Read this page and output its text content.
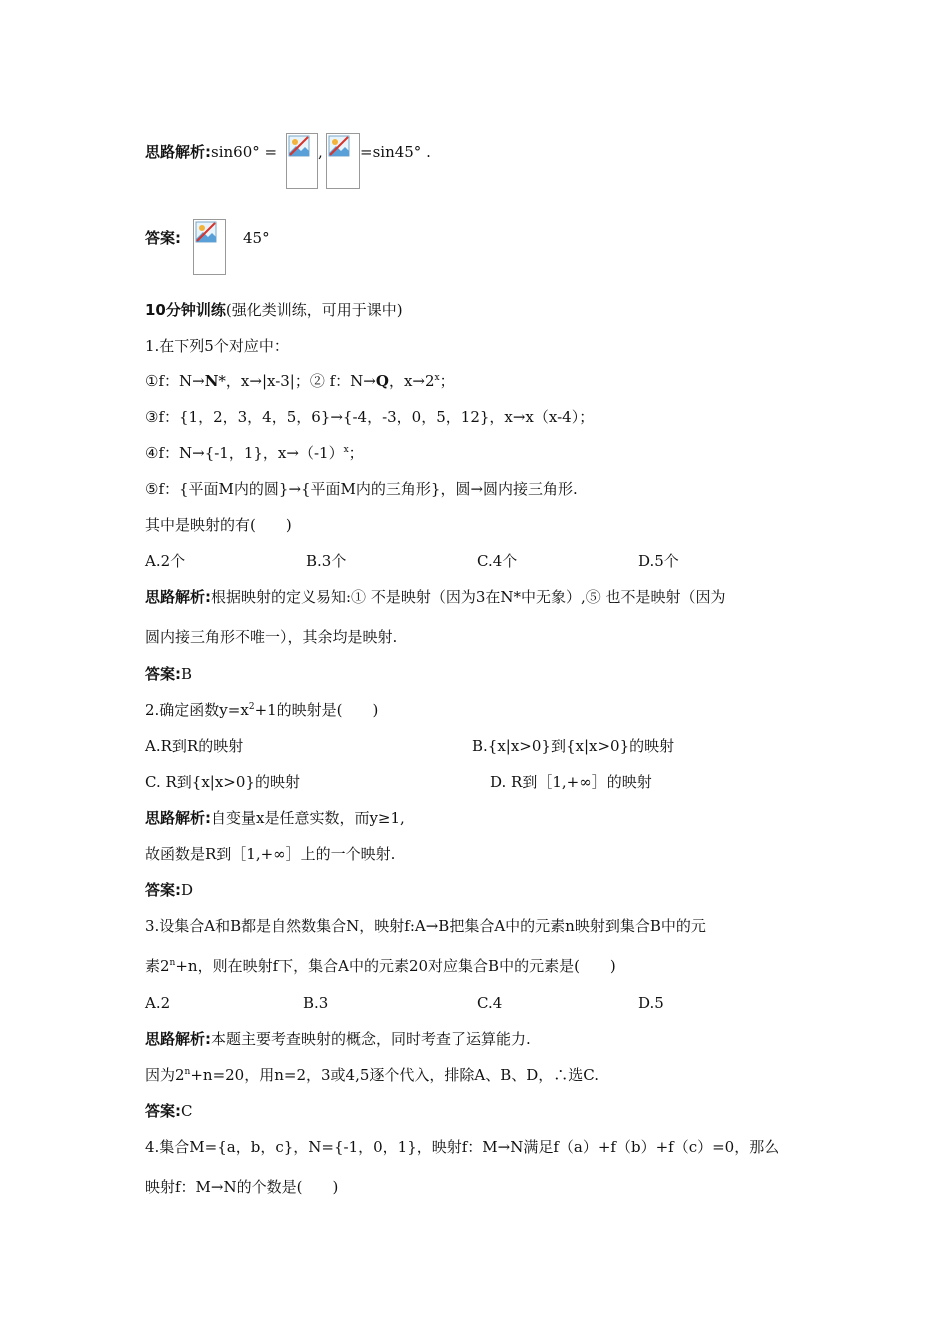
思路解析:sin60° =	, =sin45° .
答案:	45°
10分钟训练(强化类训练，可用于课中)
1.在下列5个对应中：
①f：N→N*，x→|x-3|；② f：N→Q，$x\to 2^x$；
③f：{1，2，3，4，5，6}→{-4，-3，0，5，12}，x→x（x-4）；
④f：N→{-1，1}，$x\to(-1)^x$；
⑤f：{平面M内的圆}→{平面M内的三角形}，圆→圆内接三角形.
其中是映射的有(　　)
A.2个	B.3个	C.4个	D.5个
思路解析:根据映射的定义易知:① 不是映射（因为3在N*中无象）,⑤ 也不是映射（因为
圆内接三角形不唯一），其余均是映射.
答案:B
2.确定函数$y=x^2+1$的映射是(　　)
A.R到R的映射	B.{x|x>0}到{x|x>0}的映射
C. R到{x|x>0}的映射	D. R到［1,+∞］的映射
思路解析:自变量x是任意实数，而y≥1,
故函数是R到［1,+∞］上的一个映射.
答案:D
3.设集合A和B都是自然数集合N，映射f:A→B把集合A中的元素n映射到集合B中的元
素$2^n+n$，则在映射f下，集合A中的元素20对应集合B中的元素是(　　)
A.2	B.3	C.4	D.5
思路解析:本题主要考查映射的概念，同时考查了运算能力.
因为$2^n+n=20$，用n=2，3或4,5逐个代入，排除A、B、D，∴选C.
答案:C
4.集合M={a，b，c}，N={-1，0，1}，映射f：M→N满足f（a）+f（b）+f（c）=0，那么
映射f：M→N的个数是(　　)
